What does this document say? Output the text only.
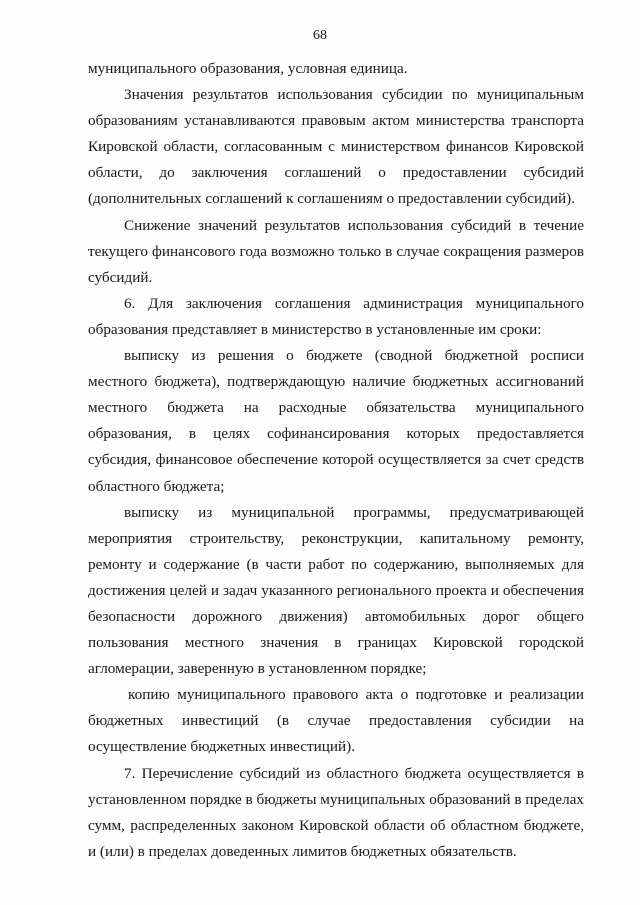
68

муниципального образования, условная единица.

Значения результатов использования субсидии по муниципальным образованиям устанавливаются правовым актом министерства транспорта Кировской области, согласованным с министерством финансов Кировской области, до заключения соглашений о предоставлении субсидий (дополнительных соглашений к соглашениям о предоставлении субсидий).

Снижение значений результатов использования субсидий в течение текущего финансового года возможно только в случае сокращения размеров субсидий.

6. Для заключения соглашения администрация муниципального образования представляет в министерство в установленные им сроки:

выписку из решения о бюджете (сводной бюджетной росписи местного бюджета), подтверждающую наличие бюджетных ассигнований местного бюджета на расходные обязательства муниципального образования, в целях софинансирования которых предоставляется субсидия, финансовое обеспечение которой осуществляется за счет средств областного бюджета;

выписку из муниципальной программы, предусматривающей мероприятия строительству, реконструкции, капитальному ремонту, ремонту и содержание (в части работ по содержанию, выполняемых для достижения целей и задач указанного регионального проекта и обеспечения безопасности дорожного движения) автомобильных дорог общего пользования местного значения в границах Кировской городской агломерации, заверенную в установленном порядке;

копию муниципального правового акта о подготовке и реализации бюджетных инвестиций (в случае предоставления субсидии на осуществление бюджетных инвестиций).

7. Перечисление субсидий из областного бюджета осуществляется в установленном порядке в бюджеты муниципальных образований в пределах сумм, распределенных законом Кировской области об областном бюджете, и (или) в пределах доведенных лимитов бюджетных обязательств.
